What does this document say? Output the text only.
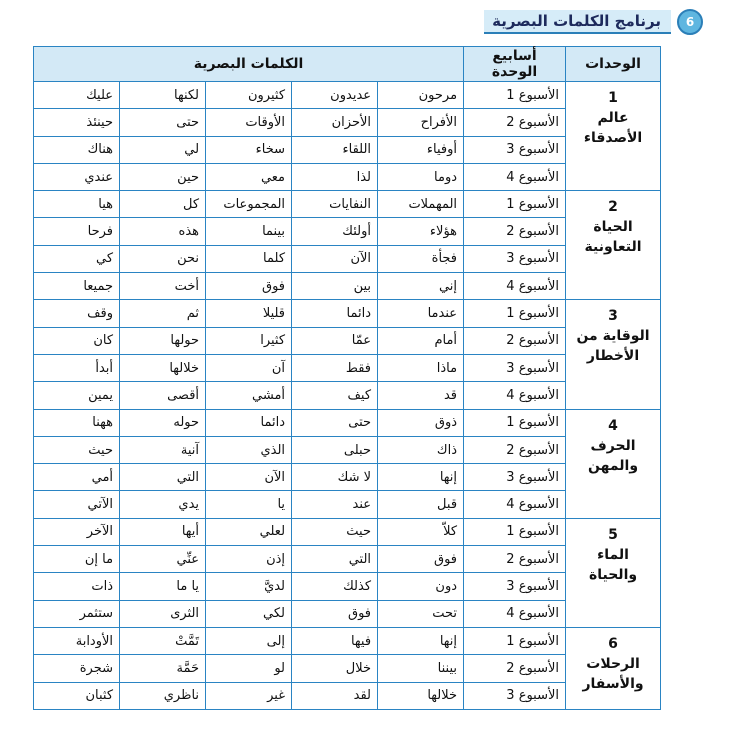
6
برنامج الكلمات البصرية
الوحدات	أسابيع الوحدة	الكلمات البصرية				

1
عالم الأصدقاء	الأسبوع 1	مرحون	عديدون	كثيرون	لكنها	عليك
	الأسبوع 2	الأفراح	الأحزان	الأوقات	حتى	حينئذ
	الأسبوع 3	أوفياء	اللقاء	سخاء	لي	هناك
	الأسبوع 4	دوما	لذا	معي	حين	عندي

2
الحياة التعاونية	الأسبوع 1	المهملات	النفايات	المجموعات	كل	هيا
	الأسبوع 2	هؤلاء	أولئك	بينما	هذه	فرحا
	الأسبوع 3	فجأة	الآن	كلما	نحن	كي
	الأسبوع 4	إني	بين	فوق	أخت	جميعا

3
الوقاية من الأخطار	الأسبوع 1	عندما	دائما	قليلا	ثم	وقف
	الأسبوع 2	أمام	عمّا	كثيرا	حولها	كان
	الأسبوع 3	ماذا	فقط	آن	خلالها	أبدأ
	الأسبوع 4	قد	كيف	أمشي	أقصى	يمين

4
الحرف والمهن	الأسبوع 1	ذوق	حتى	دائما	حوله	ههنا
	الأسبوع 2	ذاك	حبلى	الذي	آنية	حيث
	الأسبوع 3	إنها	لا شك	الآن	التي	أمي
	الأسبوع 4	قبل	عند	يا	يدي	الآتي

5
الماء والحياة	الأسبوع 1	كلاّ	حيث	لعلي	أيها	الآخر
	الأسبوع 2	فوق	التي	إذن	عنِّي	ما إن
	الأسبوع 3	دون	كذلك	لديَّ	يا ما	ذات
	الأسبوع 4	تحت	فوق	لكي	الثرى	ستثمر

6
الرحلات والأسفار	الأسبوع 1	إنها	فيها	إلى	تَمَّتْ	الأودابة
	الأسبوع 2	بيننا	خلال	لو	حَمَّة	شجرة
	الأسبوع 3	خلالها	لقد	غير	ناظري	كثبان
